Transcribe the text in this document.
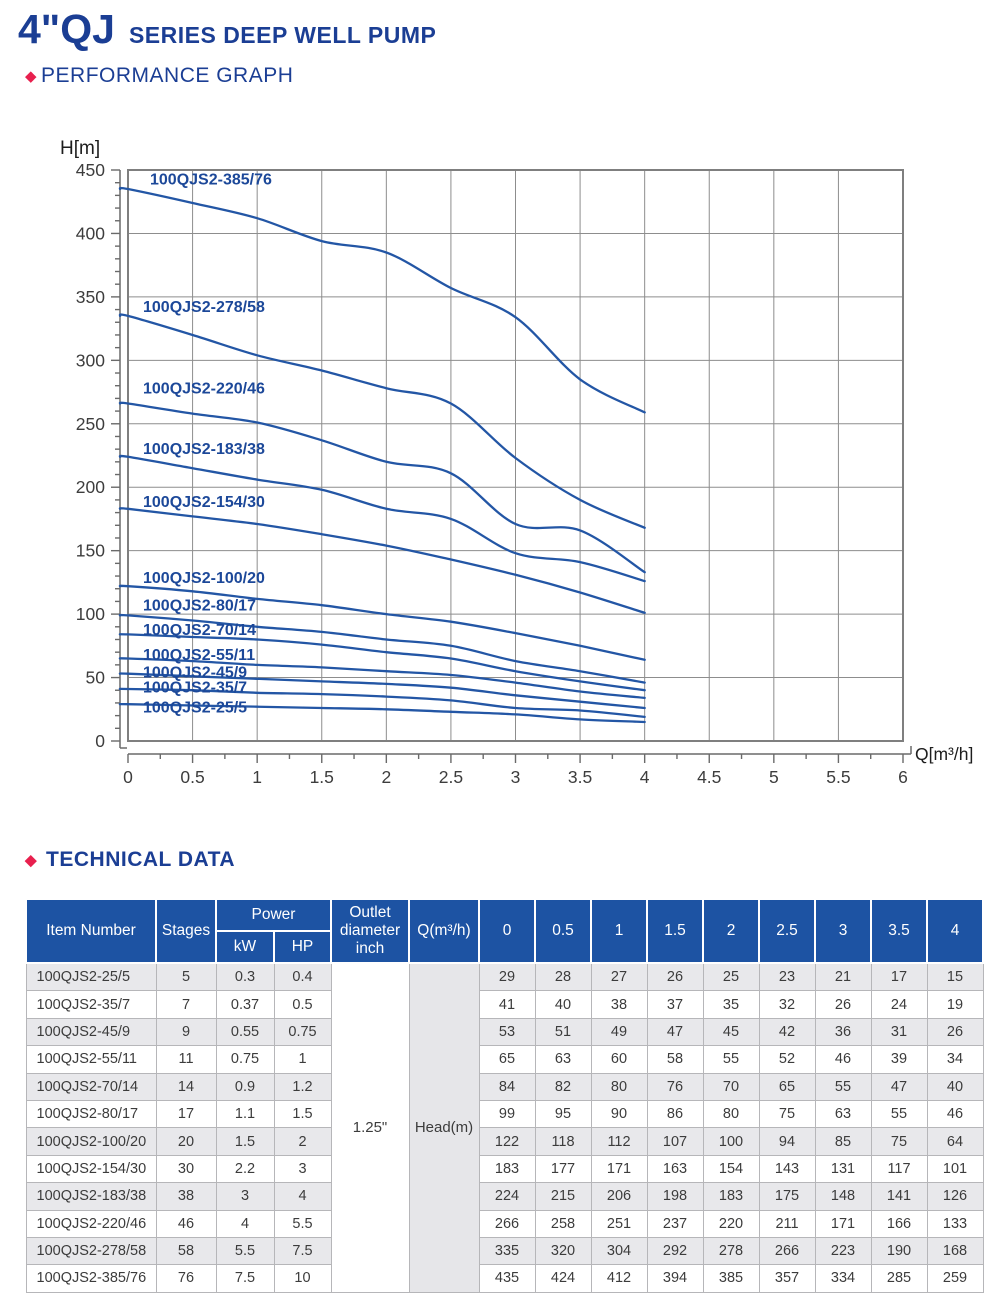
4"QJ SERIES DEEP WELL PUMP
◆ PERFORMANCE GRAPH
0
50
100
150
200
250
300
350
400
450
H[m]
0	0.5	1	1.5	2	2.5	3	3.5	4	4.5	5	5.5	6
Q[m³/h]
100QJS2-385/76
100QJS2-278/58
100QJS2-220/46
100QJS2-183/38
100QJS2-154/30
100QJS2-100/20
100QJS2-80/17
100QJS2-70/14
100QJS2-55/11
100QJS2-45/9
100QJS2-35/7
100QJS2-25/5
◆ TECHNICAL DATA
Item Number	Stages	Power		Outlet diameter inch	Q(m³/h)	0	0.5	1	1.5	2	2.5	3	3.5	4
		kW	HP											
100QJS2-25/5	5	0.3	0.4	1.25"	Head(m)	29	28	27	26	25	23	21	17	15
100QJS2-35/7	7	0.37	0.5			41	40	38	37	35	32	26	24	19
100QJS2-45/9	9	0.55	0.75			53	51	49	47	45	42	36	31	26
100QJS2-55/11	11	0.75	1			65	63	60	58	55	52	46	39	34
100QJS2-70/14	14	0.9	1.2			84	82	80	76	70	65	55	47	40
100QJS2-80/17	17	1.1	1.5			99	95	90	86	80	75	63	55	46
100QJS2-100/20	20	1.5	2			122	118	112	107	100	94	85	75	64
100QJS2-154/30	30	2.2	3			183	177	171	163	154	143	131	117	101
100QJS2-183/38	38	3	4			224	215	206	198	183	175	148	141	126
100QJS2-220/46	46	4	5.5			266	258	251	237	220	211	171	166	133
100QJS2-278/58	58	5.5	7.5			335	320	304	292	278	266	223	190	168
100QJS2-385/76	76	7.5	10			435	424	412	394	385	357	334	285	259
